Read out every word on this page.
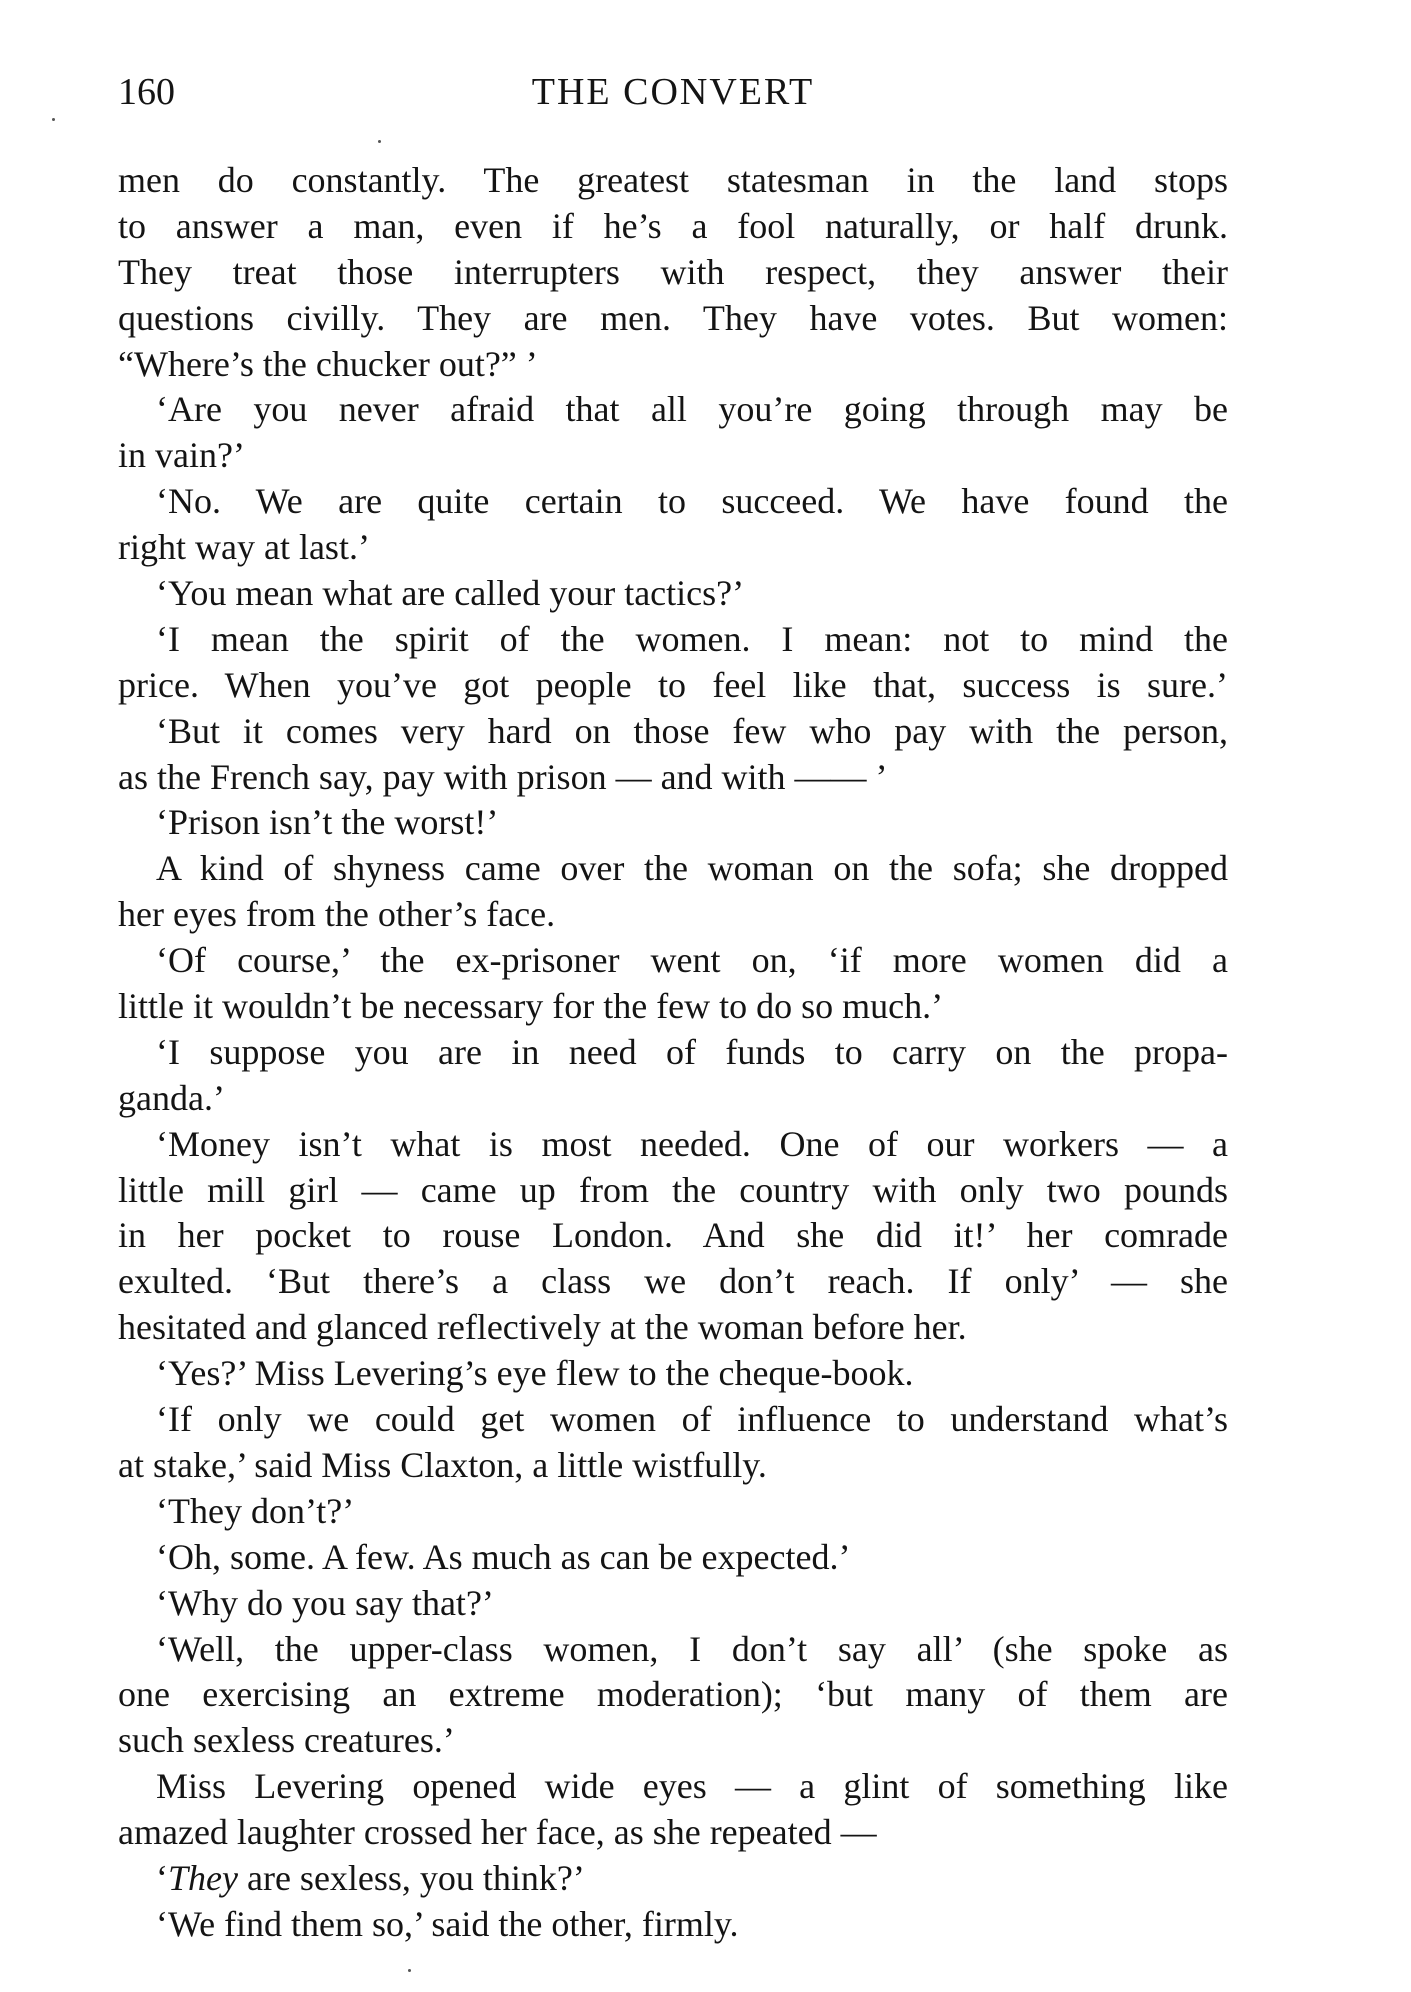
160	THE CONVERT
men do constantly. The greatest statesman in the land stops
to answer a man, even if he’s a fool naturally, or half drunk.
They treat those interrupters with respect, they answer their
questions civilly. They are men. They have votes. But women:
“Where’s the chucker out?” ’
‘Are you never afraid that all you’re going through may be
in vain?’
‘No. We are quite certain to succeed. We have found the
right way at last.’
‘You mean what are called your tactics?’
‘I mean the spirit of the women. I mean: not to mind the
price. When you’ve got people to feel like that, success is sure.’
‘But it comes very hard on those few who pay with the person,
as the French say, pay with prison — and with —— ’
‘Prison isn’t the worst!’
A kind of shyness came over the woman on the sofa; she dropped
her eyes from the other’s face.
‘Of course,’ the ex-prisoner went on, ‘if more women did a
little it wouldn’t be necessary for the few to do so much.’
‘I suppose you are in need of funds to carry on the propa-
ganda.’
‘Money isn’t what is most needed. One of our workers — a
little mill girl — came up from the country with only two pounds
in her pocket to rouse London. And she did it!’ her comrade
exulted. ‘But there’s a class we don’t reach. If only’ — she
hesitated and glanced reflectively at the woman before her.
‘Yes?’ Miss Levering’s eye flew to the cheque-book.
‘If only we could get women of influence to understand what’s
at stake,’ said Miss Claxton, a little wistfully.
‘They don’t?’
‘Oh, some. A few. As much as can be expected.’
‘Why do you say that?’
‘Well, the upper-class women, I don’t say all’ (she spoke as
one exercising an extreme moderation); ‘but many of them are
such sexless creatures.’
Miss Levering opened wide eyes — a glint of something like
amazed laughter crossed her face, as she repeated —
‘They are sexless, you think?’
‘We find them so,’ said the other, firmly.
